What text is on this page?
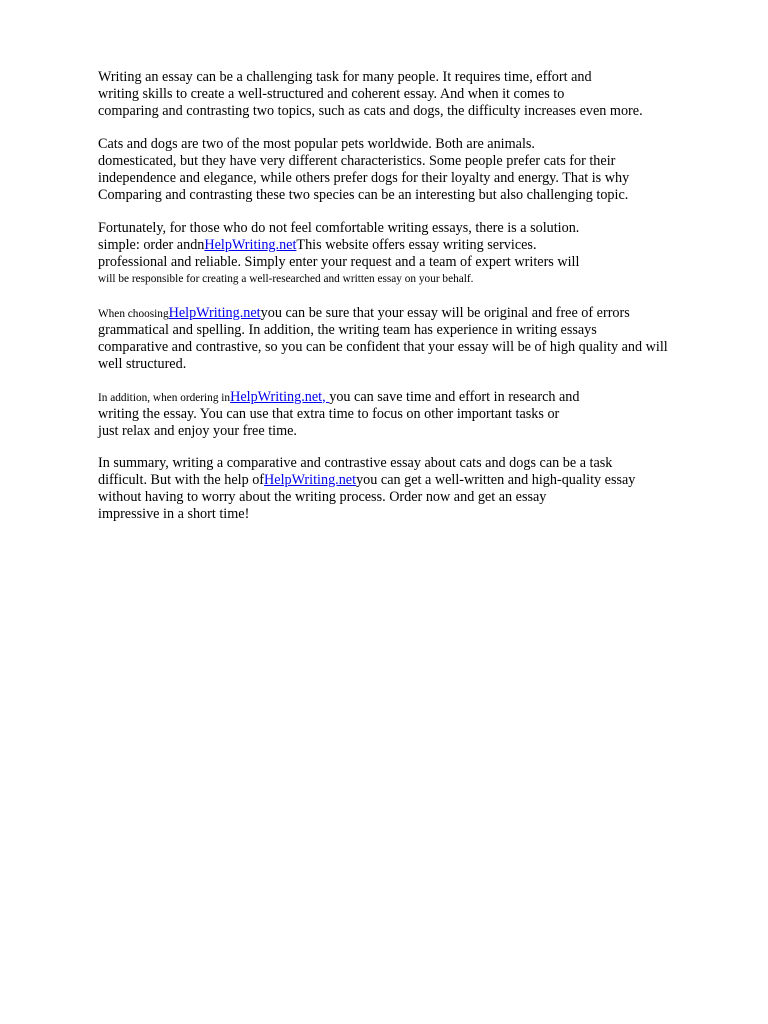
Writing an essay can be a challenging task for many people. It requires time, effort and
writing skills to create a well-structured and coherent essay. And when it comes to
comparing and contrasting two topics, such as cats and dogs, the difficulty increases even more.

Cats and dogs are two of the most popular pets worldwide. Both are animals.
domesticated, but they have very different characteristics. Some people prefer cats for their
independence and elegance, while others prefer dogs for their loyalty and energy. That is why
Comparing and contrasting these two species can be an interesting but also challenging topic.

Fortunately, for those who do not feel comfortable writing essays, there is a solution.
simple: order andnHelpWriting.netThis website offers essay writing services.
professional and reliable. Simply enter your request and a team of expert writers will
will be responsible for creating a well-researched and written essay on your behalf.

When choosingHelpWriting.netyou can be sure that your essay will be original and free of errors
grammatical and spelling. In addition, the writing team has experience in writing essays
comparative and contrastive, so you can be confident that your essay will be of high quality and will
well structured.

In addition, when ordering inHelpWriting.net, you can save time and effort in research and
writing the essay. You can use that extra time to focus on other important tasks or
just relax and enjoy your free time.

In summary, writing a comparative and contrastive essay about cats and dogs can be a task
difficult. But with the help ofHelpWriting.netyou can get a well-written and high-quality essay
without having to worry about the writing process. Order now and get an essay
impressive in a short time!
